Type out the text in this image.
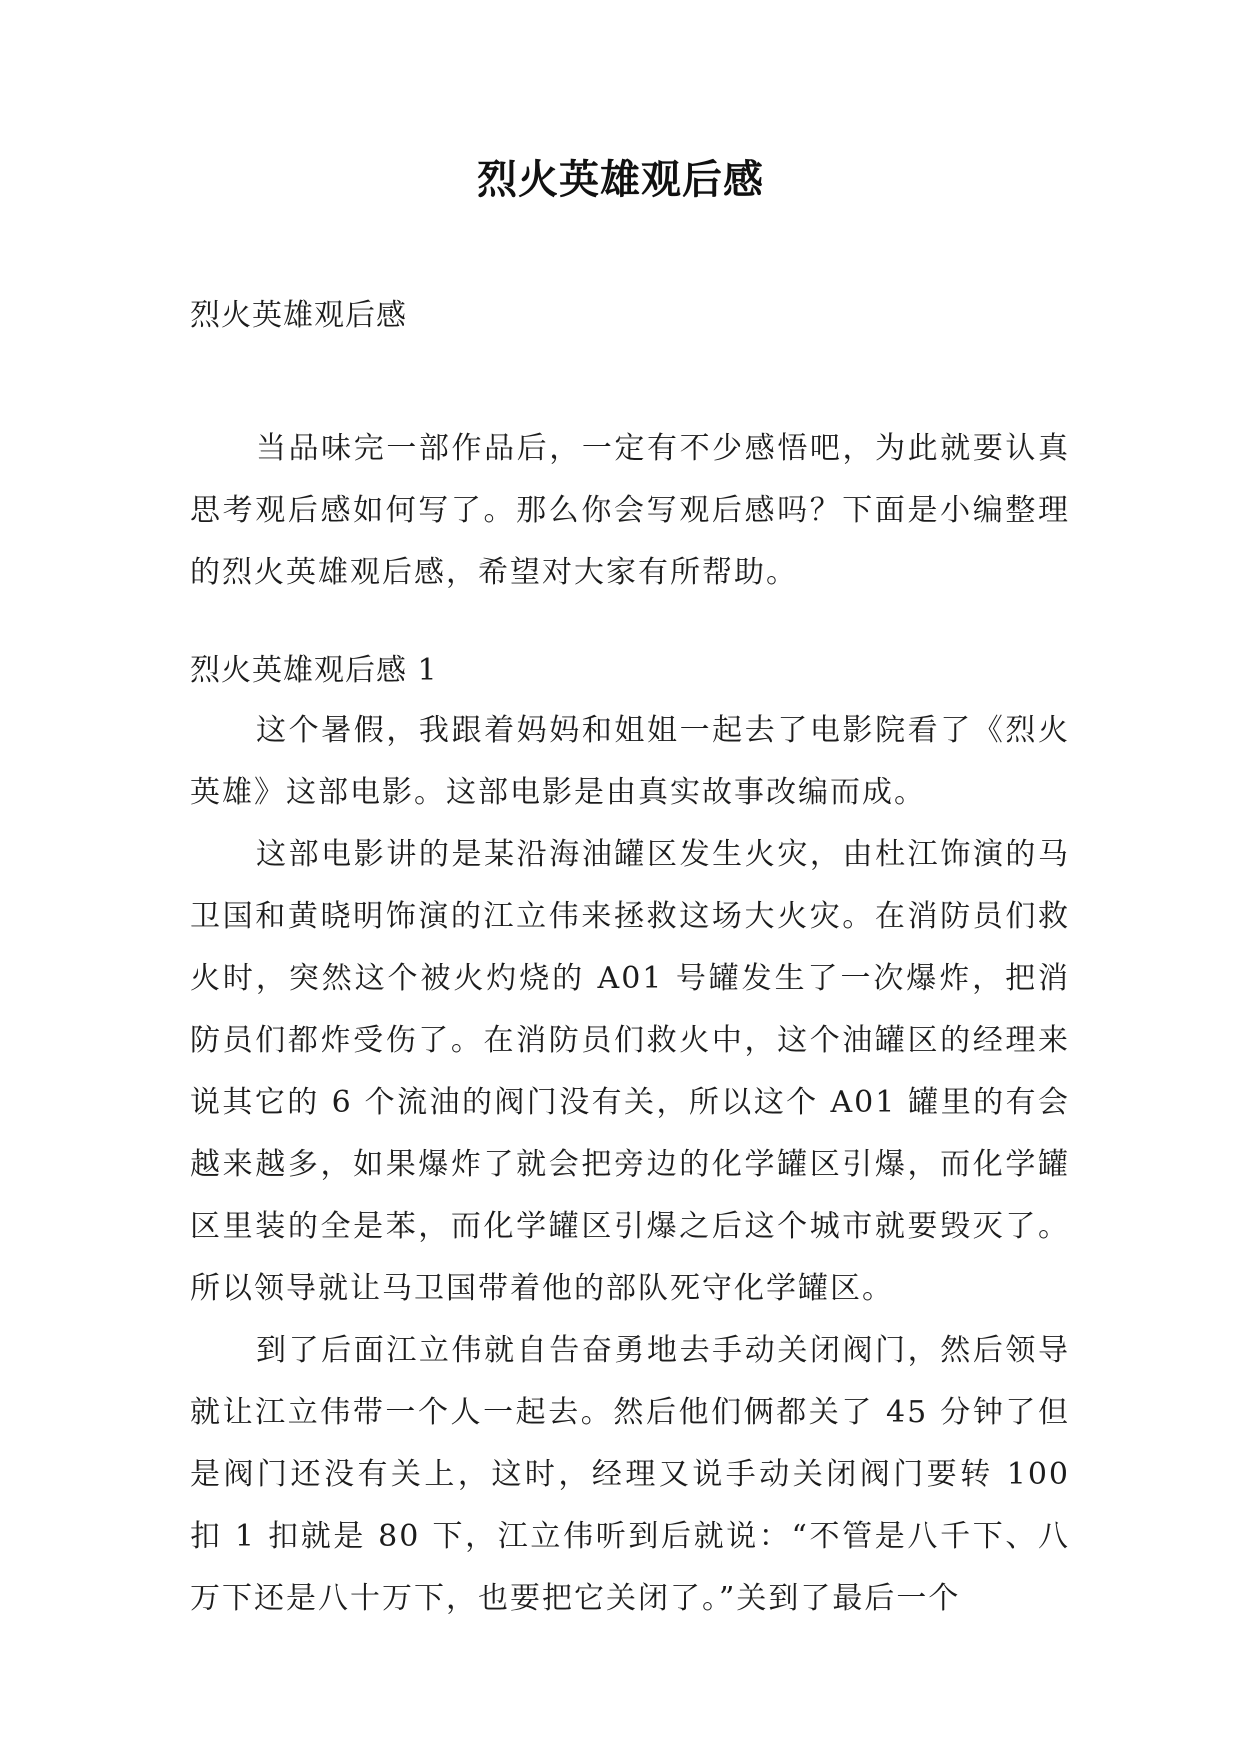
烈火英雄观后感

烈火英雄观后感

当品味完一部作品后，一定有不少感悟吧，为此就要认真思考观后感如何写了。那么你会写观后感吗？下面是小编整理的烈火英雄观后感，希望对大家有所帮助。

烈火英雄观后感 1

这个暑假，我跟着妈妈和姐姐一起去了电影院看了《烈火英雄》这部电影。这部电影是由真实故事改编而成。

这部电影讲的是某沿海油罐区发生火灾，由杜江饰演的马卫国和黄晓明饰演的江立伟来拯救这场大火灾。在消防员们救火时，突然这个被火灼烧的 A01 号罐发生了一次爆炸，把消防员们都炸受伤了。在消防员们救火中，这个油罐区的经理来说其它的 6 个流油的阀门没有关，所以这个 A01 罐里的有会越来越多，如果爆炸了就会把旁边的化学罐区引爆，而化学罐区里装的全是苯，而化学罐区引爆之后这个城市就要毁灭了。所以领导就让马卫国带着他的部队死守化学罐区。

到了后面江立伟就自告奋勇地去手动关闭阀门，然后领导就让江立伟带一个人一起去。然后他们俩都关了 45 分钟了但是阀门还没有关上，这时，经理又说手动关闭阀门要转 100 扣 1 扣就是 80 下，江立伟听到后就说：“不管是八千下、八万下还是八十万下，也要把它关闭了。”关到了最后一个
